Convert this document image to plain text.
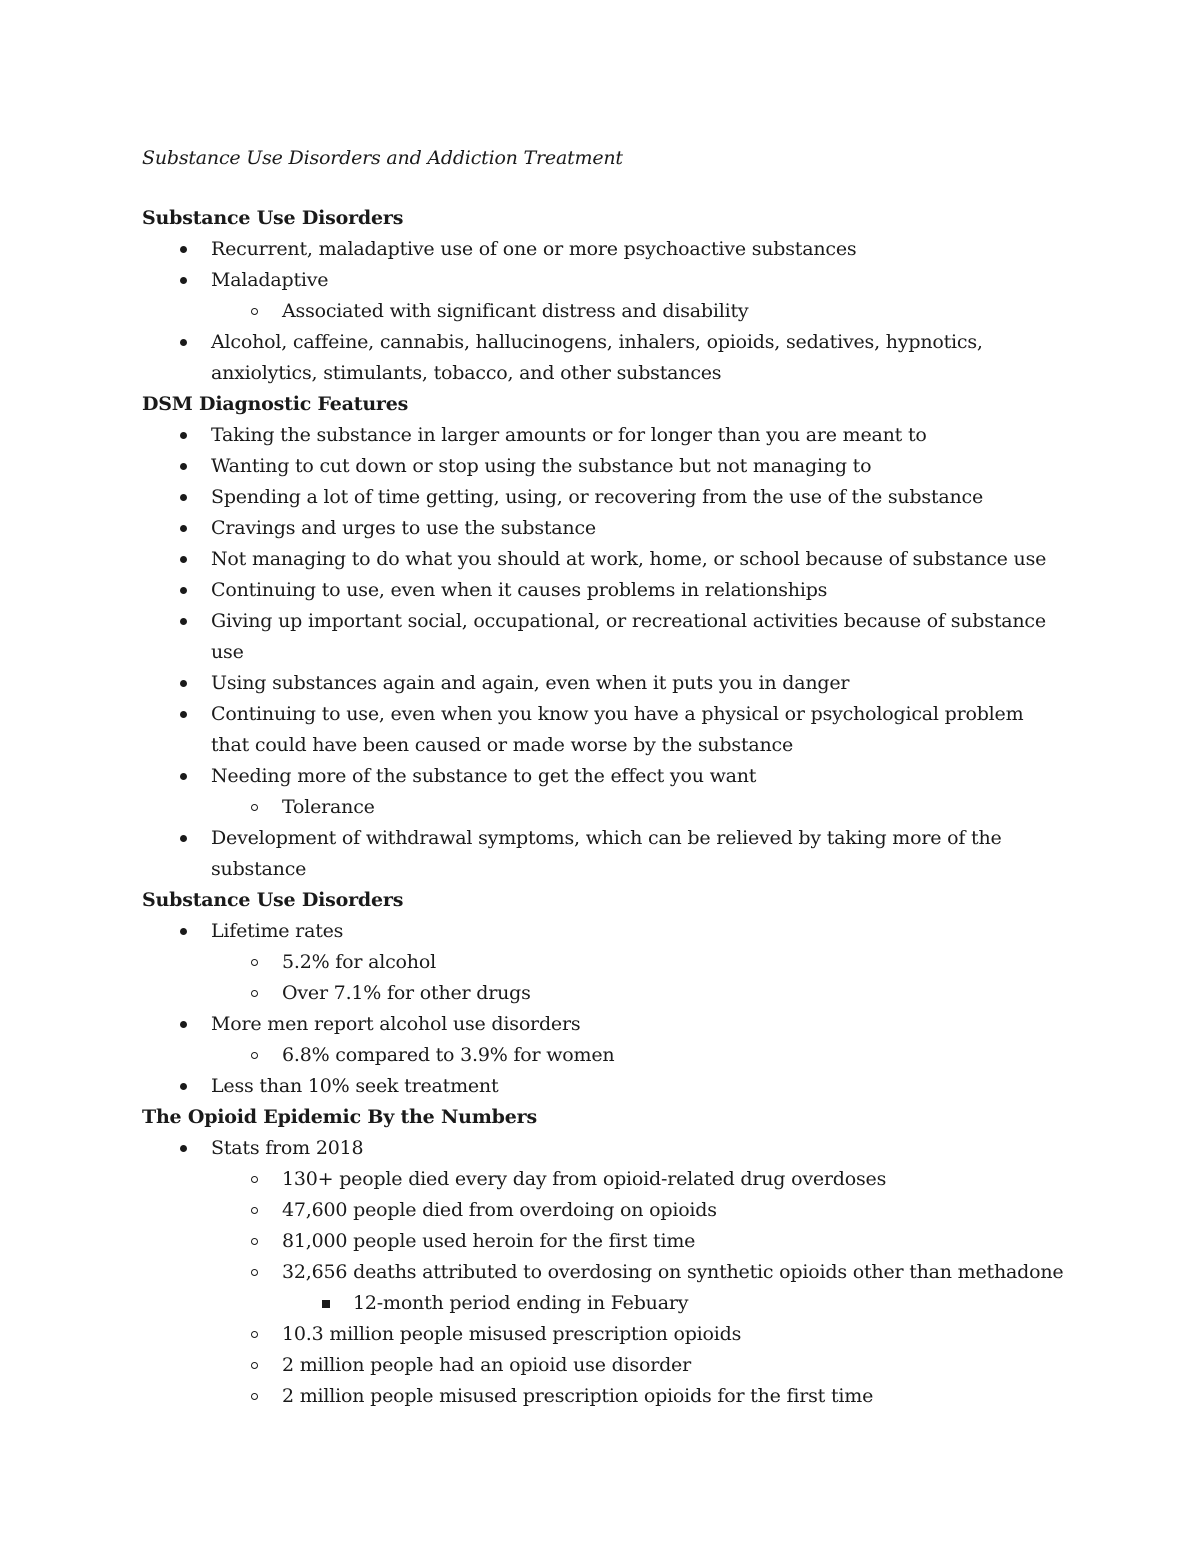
Substance Use Disorders and Addiction Treatment
Substance Use Disorders
Recurrent, maladaptive use of one or more psychoactive substances
Maladaptive
Associated with significant distress and disability
Alcohol, caffeine, cannabis, hallucinogens, inhalers, opioids, sedatives, hypnotics, anxiolytics, stimulants, tobacco, and other substances
DSM Diagnostic Features
Taking the substance in larger amounts or for longer than you are meant to
Wanting to cut down or stop using the substance but not managing to
Spending a lot of time getting, using, or recovering from the use of the substance
Cravings and urges to use the substance
Not managing to do what you should at work, home, or school because of substance use
Continuing to use, even when it causes problems in relationships
Giving up important social, occupational, or recreational activities because of substance use
Using substances again and again, even when it puts you in danger
Continuing to use, even when you know you have a physical or psychological problem that could have been caused or made worse by the substance
Needing more of the substance to get the effect you want
Tolerance
Development of withdrawal symptoms, which can be relieved by taking more of the substance
Substance Use Disorders
Lifetime rates
5.2% for alcohol
Over 7.1% for other drugs
More men report alcohol use disorders
6.8% compared to 3.9% for women
Less than 10% seek treatment
The Opioid Epidemic By the Numbers
Stats from 2018
130+ people died every day from opioid-related drug overdoses
47,600 people died from overdoing on opioids
81,000 people used heroin for the first time
32,656 deaths attributed to overdosing on synthetic opioids other than methadone
12-month period ending in Febuary
10.3 million people misused prescription opioids
2 million people had an opioid use disorder
2 million people misused prescription opioids for the first time
